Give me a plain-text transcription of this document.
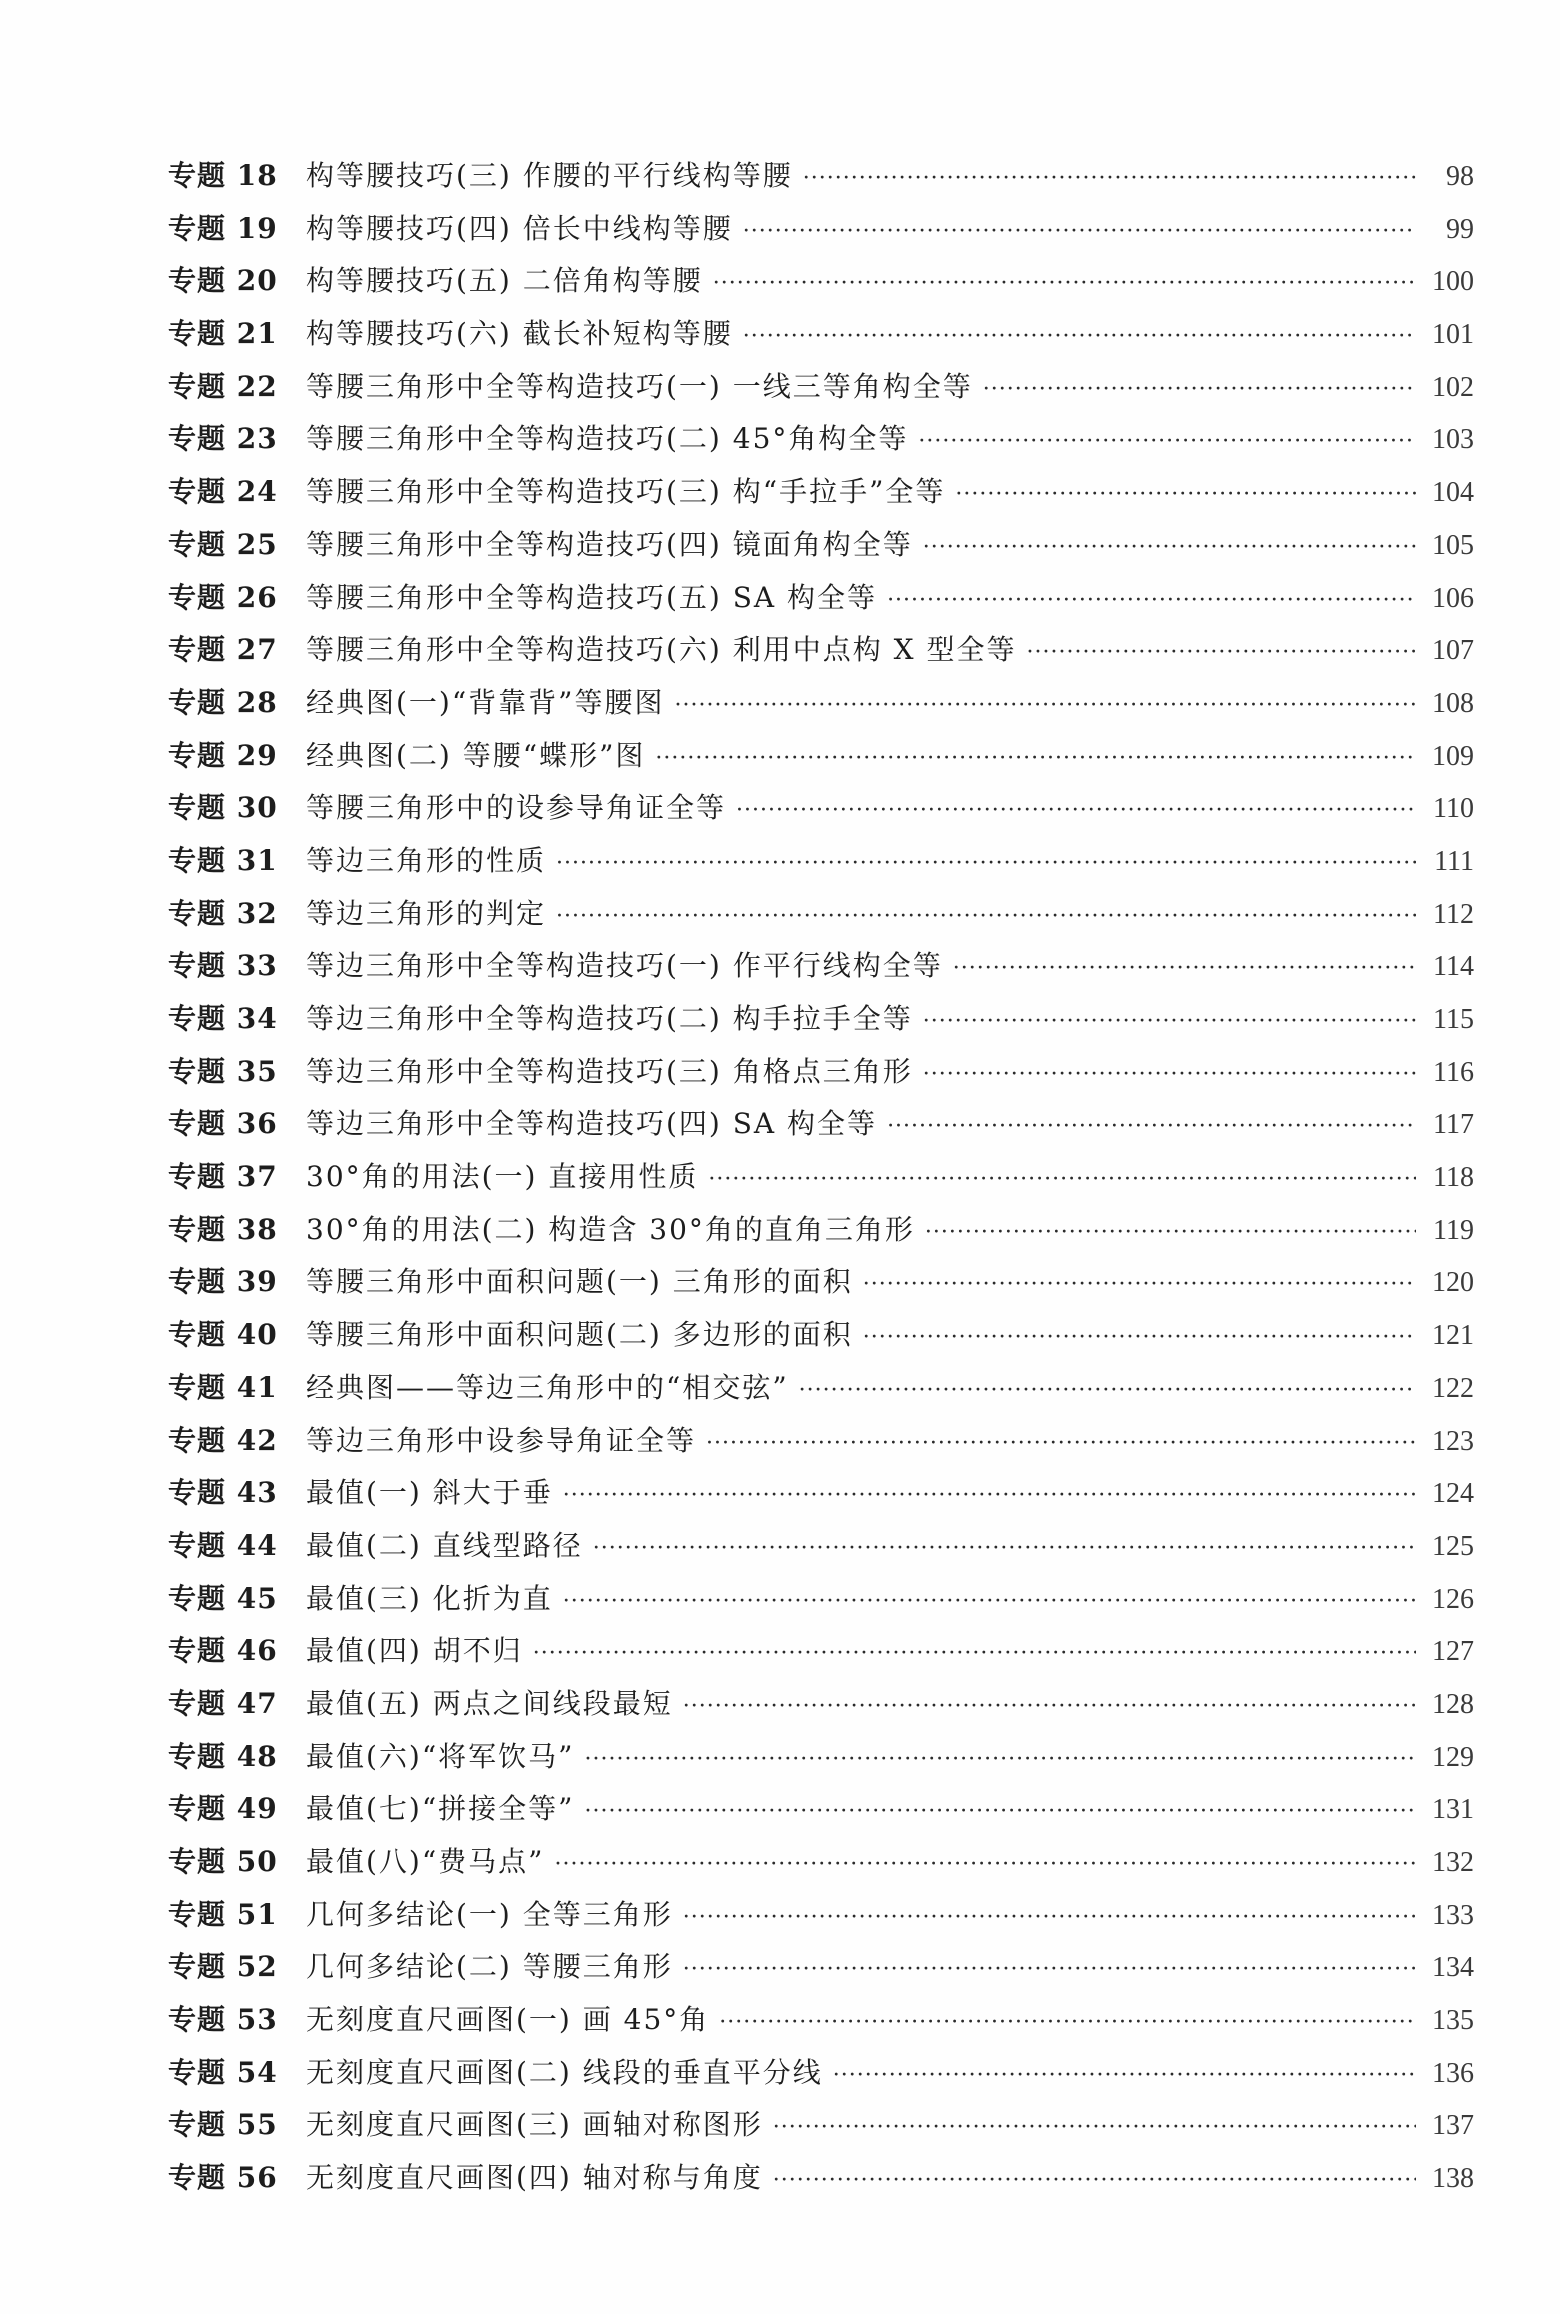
专题 18	构等腰技巧(三) 作腰的平行线构等腰 ·····	98
专题 19	构等腰技巧(四) 倍长中线构等腰 ·····	99
专题 20	构等腰技巧(五) 二倍角构等腰 ·····	100
专题 21	构等腰技巧(六) 截长补短构等腰 ·····	101
专题 22	等腰三角形中全等构造技巧(一) 一线三等角构全等 ·····	102
专题 23	等腰三角形中全等构造技巧(二) 45°角构全等 ·····	103
专题 24	等腰三角形中全等构造技巧(三) 构“手拉手”全等 ·····	104
专题 25	等腰三角形中全等构造技巧(四) 镜面角构全等 ·····	105
专题 26	等腰三角形中全等构造技巧(五) SA 构全等 ·····	106
专题 27	等腰三角形中全等构造技巧(六) 利用中点构 X 型全等 ·····	107
专题 28	经典图(一)“背靠背”等腰图 ·····	108
专题 29	经典图(二) 等腰“蝶形”图 ·····	109
专题 30	等腰三角形中的设参导角证全等 ·····	110
专题 31	等边三角形的性质 ·····	111
专题 32	等边三角形的判定 ·····	112
专题 33	等边三角形中全等构造技巧(一) 作平行线构全等 ·····	114
专题 34	等边三角形中全等构造技巧(二) 构手拉手全等 ·····	115
专题 35	等边三角形中全等构造技巧(三) 角格点三角形 ·····	116
专题 36	等边三角形中全等构造技巧(四) SA 构全等 ·····	117
专题 37	30°角的用法(一) 直接用性质 ·····	118
专题 38	30°角的用法(二) 构造含 30°角的直角三角形 ·····	119
专题 39	等腰三角形中面积问题(一) 三角形的面积 ·····	120
专题 40	等腰三角形中面积问题(二) 多边形的面积 ·····	121
专题 41	经典图——等边三角形中的“相交弦” ·····	122
专题 42	等边三角形中设参导角证全等 ·····	123
专题 43	最值(一) 斜大于垂 ·····	124
专题 44	最值(二) 直线型路径 ·····	125
专题 45	最值(三) 化折为直 ·····	126
专题 46	最值(四) 胡不归 ·····	127
专题 47	最值(五) 两点之间线段最短 ·····	128
专题 48	最值(六)“将军饮马” ·····	129
专题 49	最值(七)“拼接全等” ·····	131
专题 50	最值(八)“费马点” ·····	132
专题 51	几何多结论(一) 全等三角形 ·····	133
专题 52	几何多结论(二) 等腰三角形 ·····	134
专题 53	无刻度直尺画图(一) 画 45°角 ·····	135
专题 54	无刻度直尺画图(二) 线段的垂直平分线 ·····	136
专题 55	无刻度直尺画图(三) 画轴对称图形 ·····	137
专题 56	无刻度直尺画图(四) 轴对称与角度 ·····	138
